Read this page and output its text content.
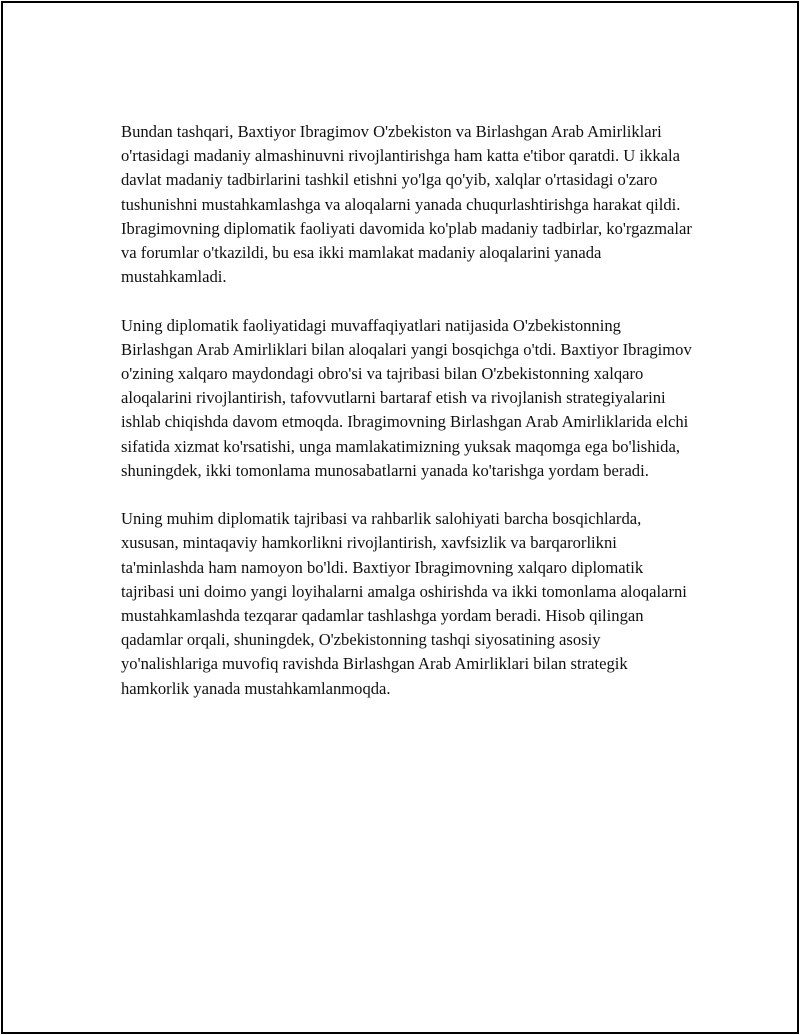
Bundan tashqari, Baxtiyor Ibragimov O'zbekiston va Birlashgan Arab Amirliklari o'rtasidagi madaniy almashinuvni rivojlantirishga ham katta e'tibor qaratdi. U ikkala davlat madaniy tadbirlarini tashkil etishni yo'lga qo'yib, xalqlar o'rtasidagi o'zaro tushunishni mustahkamlashga va aloqalarni yanada chuqurlashtirishga harakat qildi. Ibragimovning diplomatik faoliyati davomida ko'plab madaniy tadbirlar, ko'rgazmalar va forumlar o'tkazildi, bu esa ikki mamlakat madaniy aloqalarini yanada mustahkamladi.

Uning diplomatik faoliyatidagi muvaffaqiyatlari natijasida O'zbekistonning Birlashgan Arab Amirliklari bilan aloqalari yangi bosqichga o'tdi. Baxtiyor Ibragimov o'zining xalqaro maydondagi obro'si va tajribasi bilan O'zbekistonning xalqaro aloqalarini rivojlantirish, tafovvutlarni bartaraf etish va rivojlanish strategiyalarini ishlab chiqishda davom etmoqda. Ibragimovning Birlashgan Arab Amirliklarida elchi sifatida xizmat ko'rsatishi, unga mamlakatimizning yuksak maqomga ega bo'lishida, shuningdek, ikki tomonlama munosabatlarni yanada ko'tarishga yordam beradi.

Uning muhim diplomatik tajribasi va rahbarlik salohiyati barcha bosqichlarda, xususan, mintaqaviy hamkorlikni rivojlantirish, xavfsizlik va barqarorlikni ta'minlashda ham namoyon bo'ldi. Baxtiyor Ibragimovning xalqaro diplomatik tajribasi uni doimo yangi loyihalarni amalga oshirishda va ikki tomonlama aloqalarni mustahkamlashda tezqarar qadamlar tashlashga yordam beradi. Hisob qilingan qadamlar orqali, shuningdek, O'zbekistonning tashqi siyosatining asosiy yo'nalishlariga muvofiq ravishda Birlashgan Arab Amirliklari bilan strategik hamkorlik yanada mustahkamlanmoqda.
